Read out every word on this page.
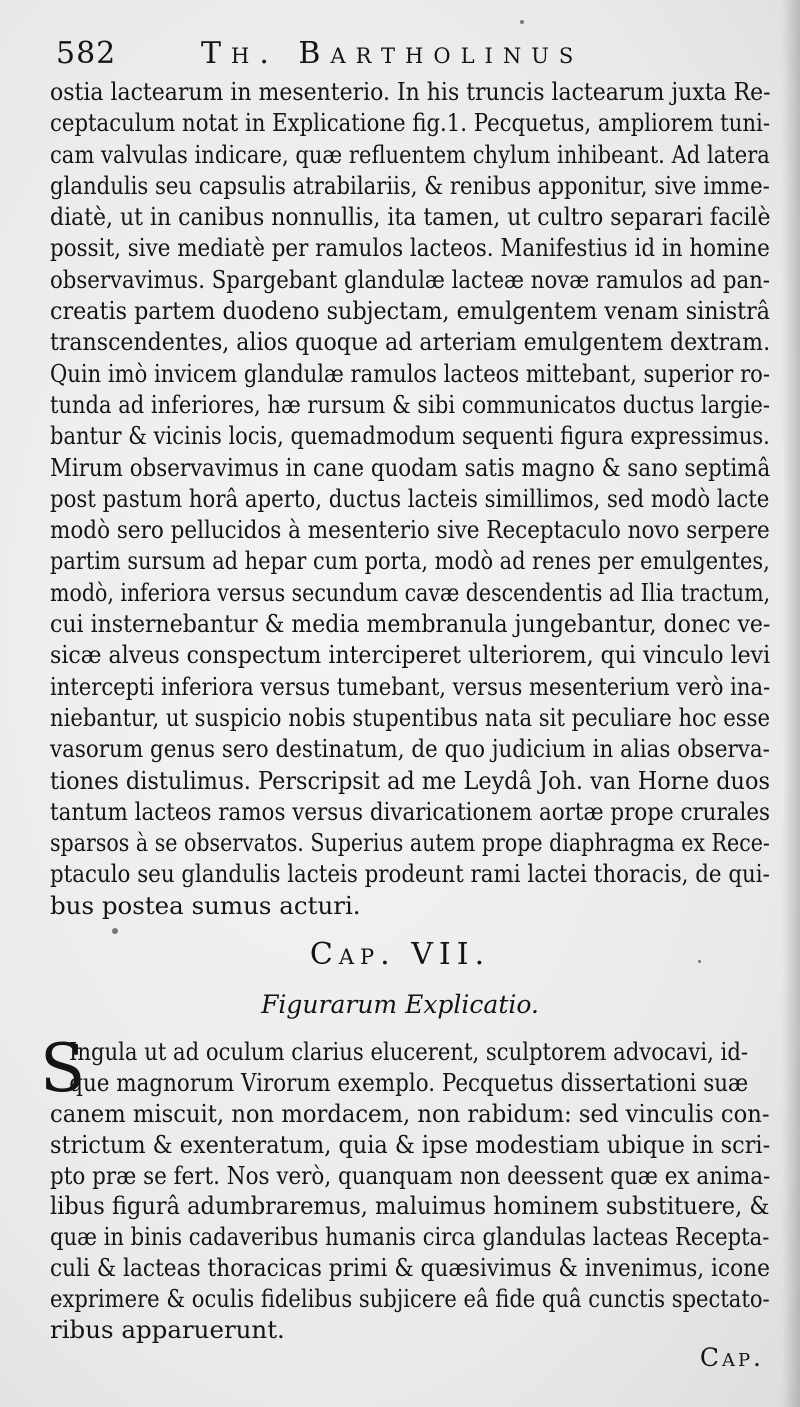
582	Th. Bartholinus
ostia lactearum in mesenterio. In his truncis lactearum juxta Re-
ceptaculum notat in Explicatione fig.1. Pecquetus, ampliorem tuni-
cam valvulas indicare, quæ refluentem chylum inhibeant. Ad latera
glandulis seu capsulis atrabilariis, & renibus apponitur, sive imme-
diatè, ut in canibus nonnullis, ita tamen, ut cultro separari facilè
possit, sive mediatè per ramulos lacteos. Manifestius id in homine
observavimus. Spargebant glandulæ lacteæ novæ ramulos ad pan-
creatis partem duodeno subjectam, emulgentem venam sinistrâ
transcendentes, alios quoque ad arteriam emulgentem dextram.
Quin imò invicem glandulæ ramulos lacteos mittebant, superior ro-
tunda ad inferiores, hæ rursum & sibi communicatos ductus largie-
bantur & vicinis locis, quemadmodum sequenti figura expressimus.
Mirum observavimus in cane quodam satis magno & sano septimâ
post pastum horâ aperto, ductus lacteis simillimos, sed modò lacte
modò sero pellucidos à mesenterio sive Receptaculo novo serpere
partim sursum ad hepar cum porta, modò ad renes per emulgentes,
modò, inferiora versus secundum cavæ descendentis ad Ilia tractum,
cui insternebantur & media membranula jungebantur, donec ve-
sicæ alveus conspectum interciperet ulteriorem, qui vinculo levi
intercepti inferiora versus tumebant, versus mesenterium verò ina-
niebantur, ut suspicio nobis stupentibus nata sit peculiare hoc esse
vasorum genus sero destinatum, de quo judicium in alias observa-
tiones distulimus. Perscripsit ad me Leydâ Joh. van Horne duos
tantum lacteos ramos versus divaricationem aortæ prope crurales
sparsos à se observatos. Superius autem prope diaphragma ex Rece-
ptaculo seu glandulis lacteis prodeunt rami lactei thoracis, de qui-
bus postea sumus acturi.
Cap. VII.
Figurarum Explicatio.
S
Ingula ut ad oculum clarius elucerent, sculptorem advocavi, id-
que magnorum Virorum exemplo. Pecquetus dissertationi suæ
canem miscuit, non mordacem, non rabidum: sed vinculis con-
strictum & exenteratum, quia & ipse modestiam ubique in scri-
pto præ se fert. Nos verò, quanquam non deessent quæ ex anima-
libus figurâ adumbraremus, maluimus hominem substituere, &
quæ in binis cadaveribus humanis circa glandulas lacteas Recepta-
culi & lacteas thoracicas primi & quæsivimus & invenimus, icone
exprimere & oculis fidelibus subjicere eâ fide quâ cunctis spectato-
ribus apparuerunt.
Cap.
